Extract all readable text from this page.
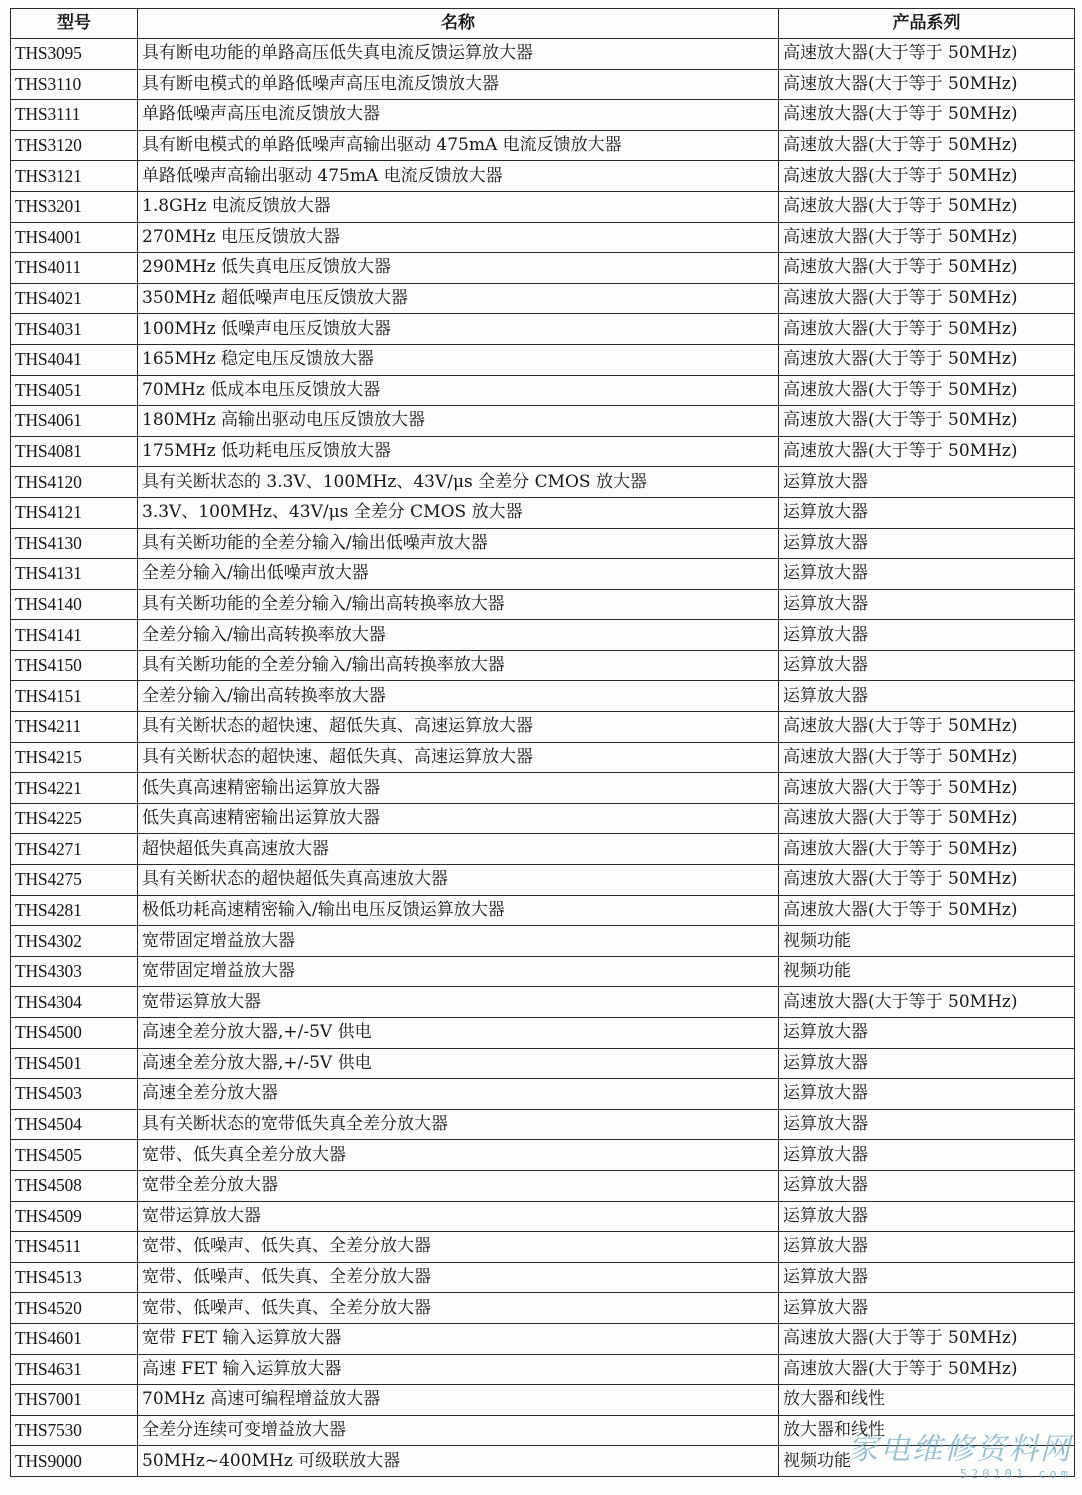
型号	名称	产品系列
THS3095	具有断电功能的单路高压低失真电流反馈运算放大器	高速放大器(大于等于 50MHz)
THS3110	具有断电模式的单路低噪声高压电流反馈放大器	高速放大器(大于等于 50MHz)
THS3111	单路低噪声高压电流反馈放大器	高速放大器(大于等于 50MHz)
THS3120	具有断电模式的单路低噪声高输出驱动 475mA 电流反馈放大器	高速放大器(大于等于 50MHz)
THS3121	单路低噪声高输出驱动 475mA 电流反馈放大器	高速放大器(大于等于 50MHz)
THS3201	1.8GHz 电流反馈放大器	高速放大器(大于等于 50MHz)
THS4001	270MHz 电压反馈放大器	高速放大器(大于等于 50MHz)
THS4011	290MHz 低失真电压反馈放大器	高速放大器(大于等于 50MHz)
THS4021	350MHz 超低噪声电压反馈放大器	高速放大器(大于等于 50MHz)
THS4031	100MHz 低噪声电压反馈放大器	高速放大器(大于等于 50MHz)
THS4041	165MHz 稳定电压反馈放大器	高速放大器(大于等于 50MHz)
THS4051	70MHz 低成本电压反馈放大器	高速放大器(大于等于 50MHz)
THS4061	180MHz 高输出驱动电压反馈放大器	高速放大器(大于等于 50MHz)
THS4081	175MHz 低功耗电压反馈放大器	高速放大器(大于等于 50MHz)
THS4120	具有关断状态的 3.3V、100MHz、43V/μs 全差分 CMOS 放大器	运算放大器
THS4121	3.3V、100MHz、43V/μs 全差分 CMOS 放大器	运算放大器
THS4130	具有关断功能的全差分输入/输出低噪声放大器	运算放大器
THS4131	全差分输入/输出低噪声放大器	运算放大器
THS4140	具有关断功能的全差分输入/输出高转换率放大器	运算放大器
THS4141	全差分输入/输出高转换率放大器	运算放大器
THS4150	具有关断功能的全差分输入/输出高转换率放大器	运算放大器
THS4151	全差分输入/输出高转换率放大器	运算放大器
THS4211	具有关断状态的超快速、超低失真、高速运算放大器	高速放大器(大于等于 50MHz)
THS4215	具有关断状态的超快速、超低失真、高速运算放大器	高速放大器(大于等于 50MHz)
THS4221	低失真高速精密输出运算放大器	高速放大器(大于等于 50MHz)
THS4225	低失真高速精密输出运算放大器	高速放大器(大于等于 50MHz)
THS4271	超快超低失真高速放大器	高速放大器(大于等于 50MHz)
THS4275	具有关断状态的超快超低失真高速放大器	高速放大器(大于等于 50MHz)
THS4281	极低功耗高速精密输入/输出电压反馈运算放大器	高速放大器(大于等于 50MHz)
THS4302	宽带固定增益放大器	视频功能
THS4303	宽带固定增益放大器	视频功能
THS4304	宽带运算放大器	高速放大器(大于等于 50MHz)
THS4500	高速全差分放大器,+/-5V 供电	运算放大器
THS4501	高速全差分放大器,+/-5V 供电	运算放大器
THS4503	高速全差分放大器	运算放大器
THS4504	具有关断状态的宽带低失真全差分放大器	运算放大器
THS4505	宽带、低失真全差分放大器	运算放大器
THS4508	宽带全差分放大器	运算放大器
THS4509	宽带运算放大器	运算放大器
THS4511	宽带、低噪声、低失真、全差分放大器	运算放大器
THS4513	宽带、低噪声、低失真、全差分放大器	运算放大器
THS4520	宽带、低噪声、低失真、全差分放大器	运算放大器
THS4601	宽带 FET 输入运算放大器	高速放大器(大于等于 50MHz)
THS4631	高速 FET 输入运算放大器	高速放大器(大于等于 50MHz)
THS7001	70MHz 高速可编程增益放大器	放大器和线性
THS7530	全差分连续可变增益放大器	放大器和线性
THS9000	50MHz~400MHz 可级联放大器	视频功能
家电维修资料网
520101.com
